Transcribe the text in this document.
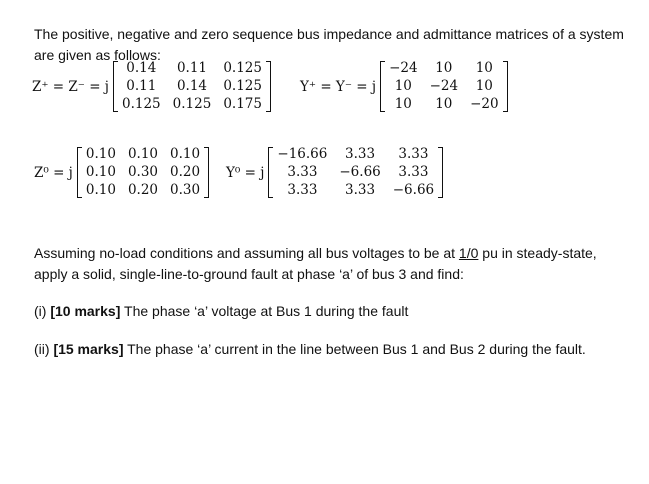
The positive, negative and zero sequence bus impedance and admittance matrices of a system are given as follows:
Z⁺ = Z⁻ = j
0.14	0.11	0.125
0.11	0.14	0.125
0.125 0.125 0.175
Y⁺ = Y⁻ = j
−24	10	10
10	−24	10
10	10	−20
Z⁰ = j
0.10 0.10 0.10
0.10 0.30 0.20
0.10 0.20 0.30
Y⁰ = j
−16.66	3.33	3.33
3.33	−6.66	3.33
3.33	3.33	−6.66
Assuming no-load conditions and assuming all bus voltages to be at 1/0 pu in steady-state, apply a solid, single-line-to-ground fault at phase ‘a’ of bus 3 and find:
(i) [10 marks] The phase ‘a’ voltage at Bus 1 during the fault
(ii) [15 marks] The phase ‘a’ current in the line between Bus 1 and Bus 2 during the fault.
